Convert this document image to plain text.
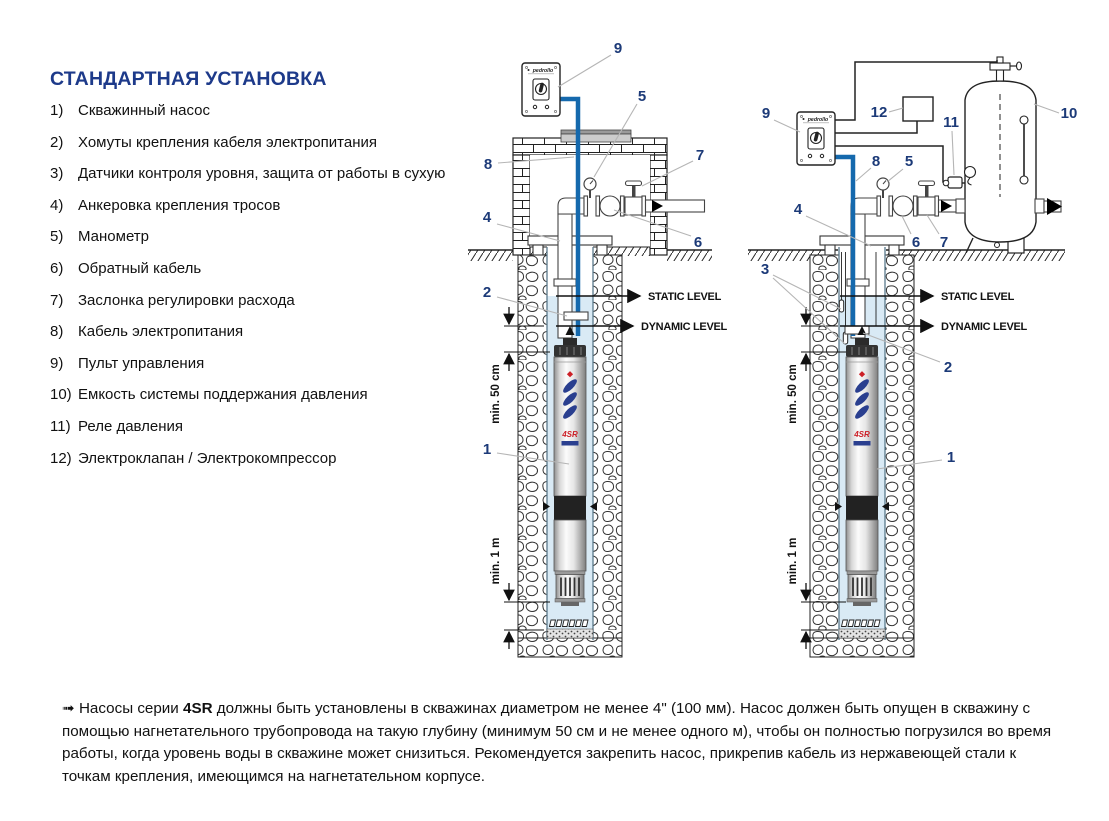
СТАНДАРТНАЯ УСТАНОВКА
1) Скважинный насос
2) Хомуты крепления кабеля электропитания
3) Датчики контроля уровня, защита от работы в сухую
4) Анкеровка крепления тросов
5) Манометр
6) Обратный кабель
7) Заслонка регулировки расхода
8) Кабель электропитания
9) Пульт управления
10) Емкость системы поддержания давления
11) Реле давления
12) Электроклапан / Электрокомпрессор
pedrollo
4SR
STATIC LEVEL
DYNAMIC LEVEL
min. 50 cm
min. 1 m
9
5
8
7
4
6
2
1
4SR
STATIC LEVEL
DYNAMIC LEVEL
min. 50 cm
min. 1 m
9	12
11
10
8 5
4
6 7
3
2
1

➟ Насосы серии 4SR должны быть установлены в скважинах диаметром не менее 4" (100 мм). Насос должен быть опущен в скважину с помощью нагнетательного трубопровода на такую глубину (минимум 50 см и не менее одного м), чтобы он полностью погрузился во время работы, когда уровень воды в скважине может снизиться. Рекомендуется закрепить насос, прикрепив кабель из нержавеющей стали к точкам крепления, имеющимся на нагнетательном корпусе.
